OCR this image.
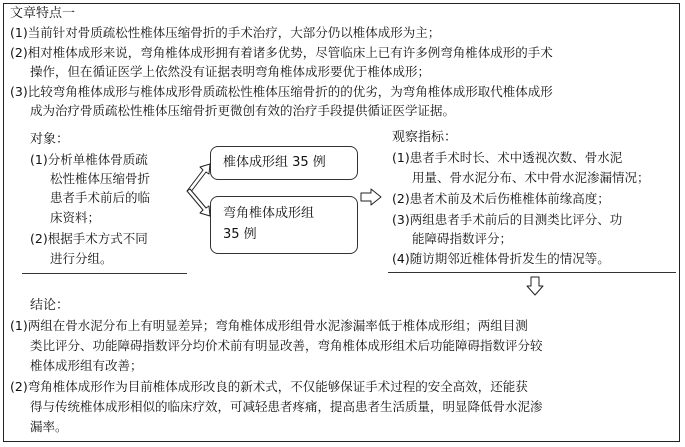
文章特点一
(1)当前针对骨质疏松性椎体压缩骨折的手术治疗，大部分仍以椎体成形为主；
(2)相对椎体成形来说，弯角椎体成形拥有着诸多优势，尽管临床上已有许多例弯角椎体成形的手术
操作，但在循证医学上依然没有证据表明弯角椎体成形要优于椎体成形；
(3)比较弯角椎体成形与椎体成形骨质疏松性椎体压缩骨折的的优劣，为弯角椎体成形取代椎体成形
成为治疗骨质疏松性椎体压缩骨折更微创有效的治疗手段提供循证医学证据。
对象：
(1)分析单椎体骨质疏
松性椎体压缩骨折
患者手术前后的临
床资料；
(2)根据手术方式不同
进行分组。
椎体成形组 35 例
弯角椎体成形组
35 例
观察指标：
(1)患者手术时长、术中透视次数、骨水泥
用量、骨水泥分布、术中骨水泥渗漏情况；
(2)患者术前及术后伤椎椎体前缘高度；
(3)两组患者手术前后的目测类比评分、功
能障碍指数评分；
(4)随访期邻近椎体骨折发生的情况等。
结论：
(1)两组在骨水泥分布上有明显差异；弯角椎体成形组骨水泥渗漏率低于椎体成形组；两组目测
类比评分、功能障碍指数评分均价术前有明显改善，弯角椎体成形组术后功能障碍指数评分较
椎体成形组有改善；
(2)弯角椎体成形作为目前椎体成形改良的新术式，不仅能够保证手术过程的安全高效，还能获
得与传统椎体成形相似的临床疗效，可减轻患者疼痛，提高患者生活质量，明显降低骨水泥渗
漏率。
